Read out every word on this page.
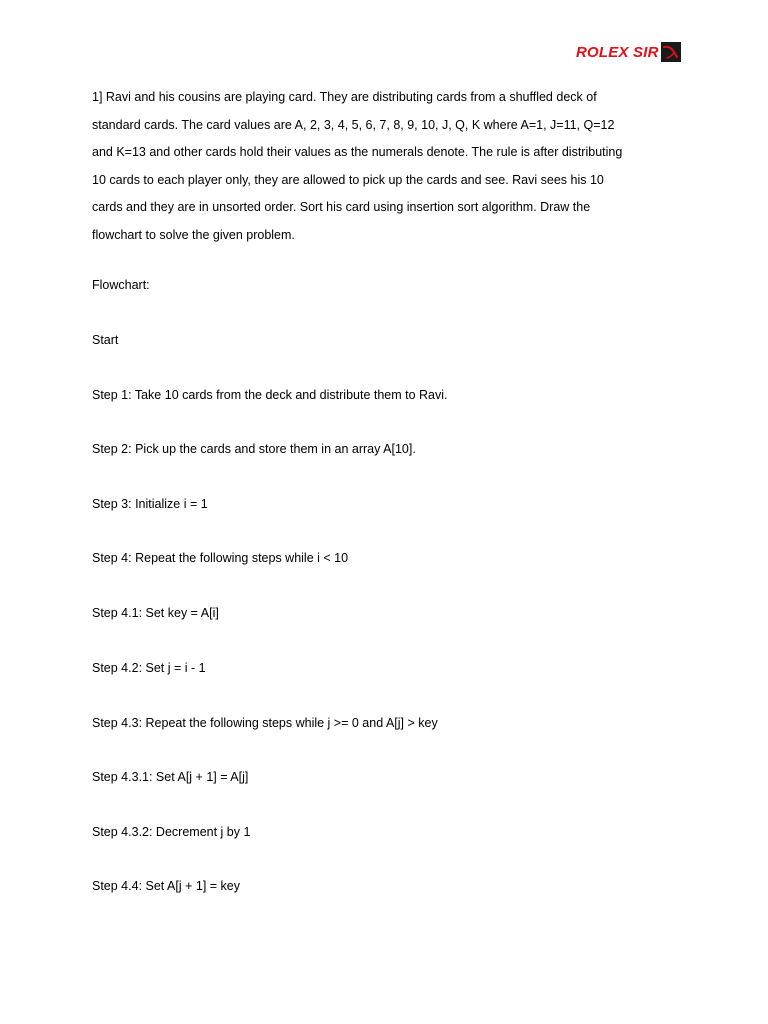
ROLEX SIR
1] Ravi and his cousins are playing card. They are distributing cards from a shuffled deck of
standard cards. The card values are A, 2, 3, 4, 5, 6, 7, 8, 9, 10, J, Q, K where A=1, J=11, Q=12
and K=13 and other cards hold their values as the numerals denote. The rule is after distributing
10 cards to each player only, they are allowed to pick up the cards and see. Ravi sees his 10
cards and they are in unsorted order. Sort his card using insertion sort algorithm. Draw the
flowchart to solve the given problem.
Flowchart:
Start
Step 1: Take 10 cards from the deck and distribute them to Ravi.
Step 2: Pick up the cards and store them in an array A[10].
Step 3: Initialize i = 1
Step 4: Repeat the following steps while i < 10
Step 4.1: Set key = A[i]
Step 4.2: Set j = i - 1
Step 4.3: Repeat the following steps while j >= 0 and A[j] > key
Step 4.3.1: Set A[j + 1] = A[j]
Step 4.3.2: Decrement j by 1
Step 4.4: Set A[j + 1] = key
